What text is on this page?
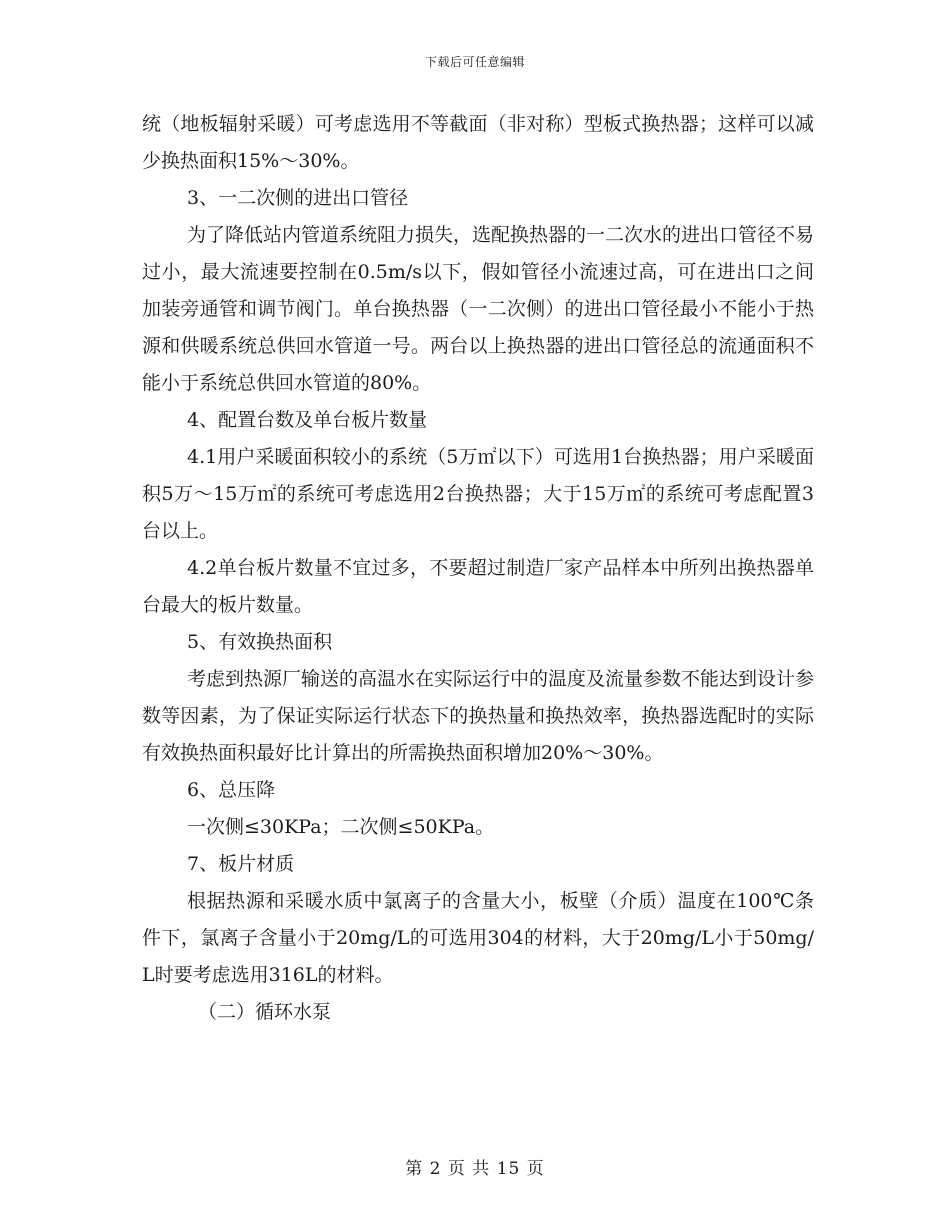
下载后可任意编辑

统（地板辐射采暖）可考虑选用不等截面（非对称）型板式换热器；这样可以减少换热面积15%～30%。

3、一二次侧的进出口管径

为了降低站内管道系统阻力损失，选配换热器的一二次水的进出口管径不易过小，最大流速要控制在0.5m/s以下，假如管径小流速过高，可在进出口之间加装旁通管和调节阀门。单台换热器（一二次侧）的进出口管径最小不能小于热源和供暖系统总供回水管道一号。两台以上换热器的进出口管径总的流通面积不能小于系统总供回水管道的80%。

4、配置台数及单台板片数量

4.1用户采暖面积较小的系统（5万㎡以下）可选用1台换热器；用户采暖面积5万～15万㎡的系统可考虑选用2台换热器；大于15万㎡的系统可考虑配置3台以上。

4.2单台板片数量不宜过多，不要超过制造厂家产品样本中所列出换热器单台最大的板片数量。

5、有效换热面积

考虑到热源厂输送的高温水在实际运行中的温度及流量参数不能达到设计参数等因素，为了保证实际运行状态下的换热量和换热效率，换热器选配时的实际有效换热面积最好比计算出的所需换热面积增加20%～30%。

6、总压降

一次侧≤30KPa；二次侧≤50KPa。

7、板片材质

根据热源和采暖水质中氯离子的含量大小，板壁（介质）温度在100℃条件下，氯离子含量小于20mg/L的可选用304的材料，大于20mg/L小于50mg/L时要考虑选用316L的材料。

（二）循环水泵

第 2 页 共 15 页
